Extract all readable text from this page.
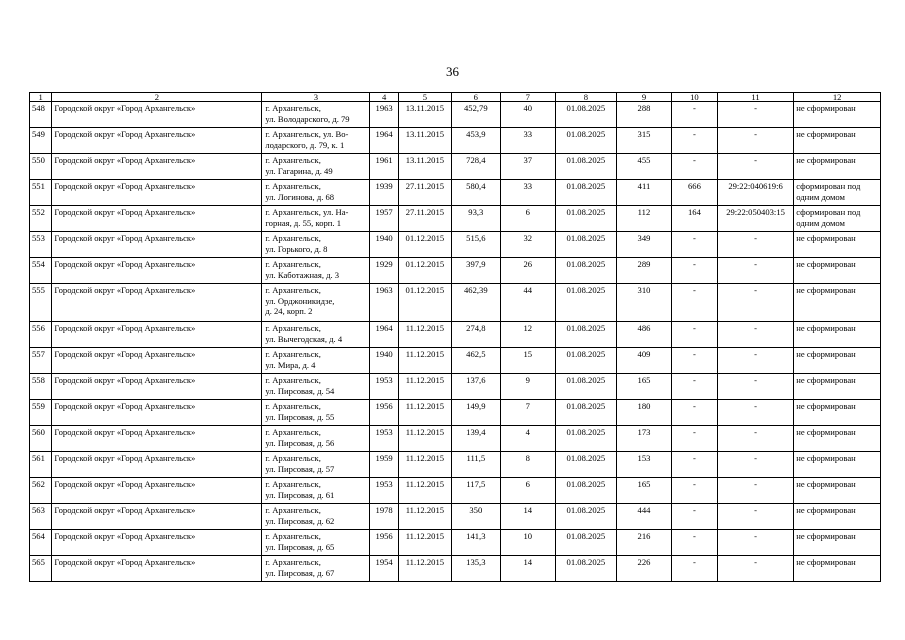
36
1	2	3	4	5	6	7	8	9	10	11	12
548	Городской округ «Город Архангельск»	г. Архангельск,
ул. Володарского, д. 79	1963	13.11.2015	452,79	40	01.08.2025	288	-	-	не сформирован

549	Городской округ «Город Архангельск»	г. Архангельск, ул. Во-
лодарского, д. 79, к. 1	1964	13.11.2015	453,9	33	01.08.2025	315	-	-	не сформирован

550	Городской округ «Город Архангельск»	г. Архангельск,
ул. Гагарина, д. 49	1961	13.11.2015	728,4	37	01.08.2025	455	-	-	не сформирован

551	Городской округ «Город Архангельск»	г. Архангельск,
ул. Логинова, д. 68	1939	27.11.2015	580,4	33	01.08.2025	411	666	29:22:040619:6	сформирован под
одним домом
552	Городской округ «Город Архангельск»	г. Архангельск, ул. На-
горная, д. 55, корп. 1	1957	27.11.2015	93,3	6	01.08.2025	112	164	29:22:050403:15	сформирован под
одним домом
553	Городской округ «Город Архангельск»	г. Архангельск,
ул. Горького, д. 8	1940	01.12.2015	515,6	32	01.08.2025	349	-	-	не сформирован

554	Городской округ «Город Архангельск»	г. Архангельск,
ул. Каботажная, д. 3	1929	01.12.2015	397,9	26	01.08.2025	289	-	-	не сформирован

555	Городской округ «Город Архангельск»	г. Архангельск,
ул. Орджоникидзе,
д. 24, корп. 2	1963	01.12.2015	462,39	44	01.08.2025	310	-	-	не сформирован

556	Городской округ «Город Архангельск»	г. Архангельск,
ул. Вычегодская, д. 4	1964	11.12.2015	274,8	12	01.08.2025	486	-	-	не сформирован

557	Городской округ «Город Архангельск»	г. Архангельск,
ул. Мира, д. 4	1940	11.12.2015	462,5	15	01.08.2025	409	-	-	не сформирован

558	Городской округ «Город Архангельск»	г. Архангельск,
ул. Пирсовая, д. 54	1953	11.12.2015	137,6	9	01.08.2025	165	-	-	не сформирован

559	Городской округ «Город Архангельск»	г. Архангельск,
ул. Пирсовая, д. 55	1956	11.12.2015	149,9	7	01.08.2025	180	-	-	не сформирован

560	Городской округ «Город Архангельск»	г. Архангельск,
ул. Пирсовая, д. 56	1953	11.12.2015	139,4	4	01.08.2025	173	-	-	не сформирован

561	Городской округ «Город Архангельск»	г. Архангельск,
ул. Пирсовая, д. 57	1959	11.12.2015	111,5	8	01.08.2025	153	-	-	не сформирован

562	Городской округ «Город Архангельск»	г. Архангельск,
ул. Пирсовая, д. 61	1953	11.12.2015	117,5	6	01.08.2025	165	-	-	не сформирован

563	Городской округ «Город Архангельск»	г. Архангельск,
ул. Пирсовая, д. 62	1978	11.12.2015	350	14	01.08.2025	444	-	-	не сформирован

564	Городской округ «Город Архангельск»	г. Архангельск,
ул. Пирсовая, д. 65	1956	11.12.2015	141,3	10	01.08.2025	216	-	-	не сформирован

565	Городской округ «Город Архангельск»	г. Архангельск,
ул. Пирсовая, д. 67	1954	11.12.2015	135,3	14	01.08.2025	226	-	-	не сформирован
